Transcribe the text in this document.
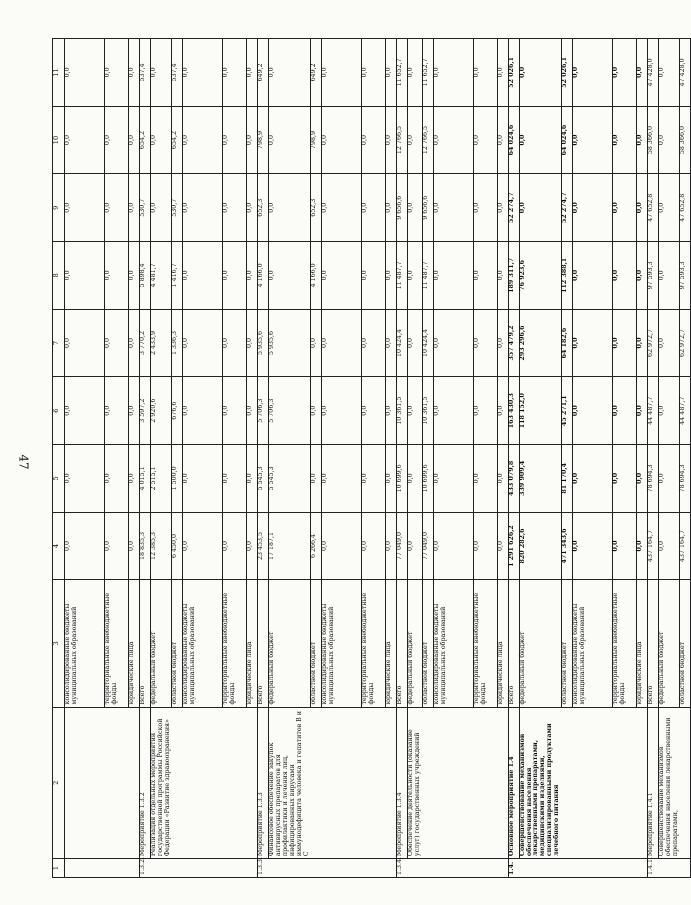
47
1	2	3	4	5	6	7	8	9	10	11
		консолидированные бюджеты муниципальных образований	0,0	0,0	0,0	0,0	0,0	0,0	0,0	0,0
		территориальные внебюджетные фонды	0,0	0,0	0,0	0,0	0,0	0,0	0,0	0,0
		юридические лица	0,0	0,0	0,0	0,0	0,0	0,0	0,0	0,0
1.3.2.	Мероприятие 1.3.2	Всего	18 835,3	4 015,1	3 597,2	3 770,2	5 898,4	530,7	654,2	537,4
	Реализация отдельных мероприятий государственной программы Российской Федерации «Развитие здравоохранения»	федеральный бюджет	12 385,3	2 515,1	2 920,6	2 433,9	4 481,7	0,0	0,0	0,0
		областной бюджет	6 450,0	1 500,0	676,6	1 336,3	1 416,7	530,7	654,2	537,4
		консолидированные бюджеты муниципальных образований	0,0	0,0	0,0	0,0	0,0	0,0	0,0	0,0
		территориальные внебюджетные фонды	0,0	0,0	0,0	0,0	0,0	0,0	0,0	0,0
		юридические лица	0,0	0,0	0,0	0,0	0,0	0,0	0,0	0,0
1.3.3.	Мероприятие 1.3.3	Всего	23 453,5	5 545,3	5 706,3	5 935,6	4 166,0	652,3	798,9	649,2
	Финансовое обеспечение закупок антивирусных препаратов для профилактики и лечения лиц, инфицированных вирусами иммунодефицита человека и гепатитов B и C	федеральный бюджет	17 187,1	5 545,3	5 706,3	5 935,6	0,0	0,0	0,0	0,0
		областной бюджет	6 266,4	0,0	0,0	0,0	4 166,0	652,3	798,9	649,2
		консолидированные бюджеты муниципальных образований	0,0	0,0	0,0	0,0	0,0	0,0	0,0	0,0
		территориальные внебюджетные фонды	0,0	0,0	0,0	0,0	0,0	0,0	0,0	0,0
		юридические лица	0,0	0,0	0,0	0,0	0,0	0,0	0,0	0,0
1.3.4.	Мероприятие 1.3.4	Всего	77 049,0	10 699,6	10 361,5	10 424,4	11 487,7	9 656,6	12 766,5	11 652,7
	Обеспечение деятельности (оказание услуг) государственных учреждений	федеральный бюджет	0,0	0,0	0,0	0,0	0,0	0,0	0,0	0,0
		областной бюджет	77 049,0	10 699,6	10 361,5	10 424,4	11 487,7	9 656,6	12 766,5	11 652,7
		консолидированные бюджеты муниципальных образований	0,0	0,0	0,0	0,0	0,0	0,0	0,0	0,0
		территориальные внебюджетные фонды	0,0	0,0	0,0	0,0	0,0	0,0	0,0	0,0
		юридические лица	0,0	0,0	0,0	0,0	0,0	0,0	0,0	0,0
1.4.	Основное мероприятие 1.4	Всего	1 291 626,2	433 079,8	163 430,3	357 479,2	189 311,7	52 274,7	64 024,6	52 026,1
	Совершенствование механизмов обеспечения населения лекарственными препаратами, медицинскими изделиями, специализированными продуктами лечебного питания	федеральный бюджет	820 282,6	339 909,4	118 152,0	293 296,6	76 923,6	0,0	0,0	0,0
		областной бюджет	471 343,6	81 170,4	45 271,1	64 182,6	112 388,1	52 274,7	64 024,6	52 026,1
		консолидированные бюджеты муниципальных образований	0,0	0,0	0,0	0,0	0,0	0,0	0,0	0,0
		территориальные внебюджетные фонды	0,0	0,0	0,0	0,0	0,0	0,0	0,0	0,0
		юридические лица	0,0	0,0	0,0	0,0	0,0	0,0	0,0	0,0
1.4.1.	Мероприятие 1.4.1	Всего	437 164,7	78 694,3	44 487,7	62 972,7	97 593,3	47 652,8	58 366,0	47 428,0
	Совершенствование механизмов обеспечения населения лекарственными препаратами,	федеральный бюджет	0,0	0,0	0,0	0,0	0,0	0,0	0,0	0,0
		областной бюджет	437 164,7	78 694,3	44 487,7	62 972,7	97 593,3	47 652,8	58 366,0	47 428,0
